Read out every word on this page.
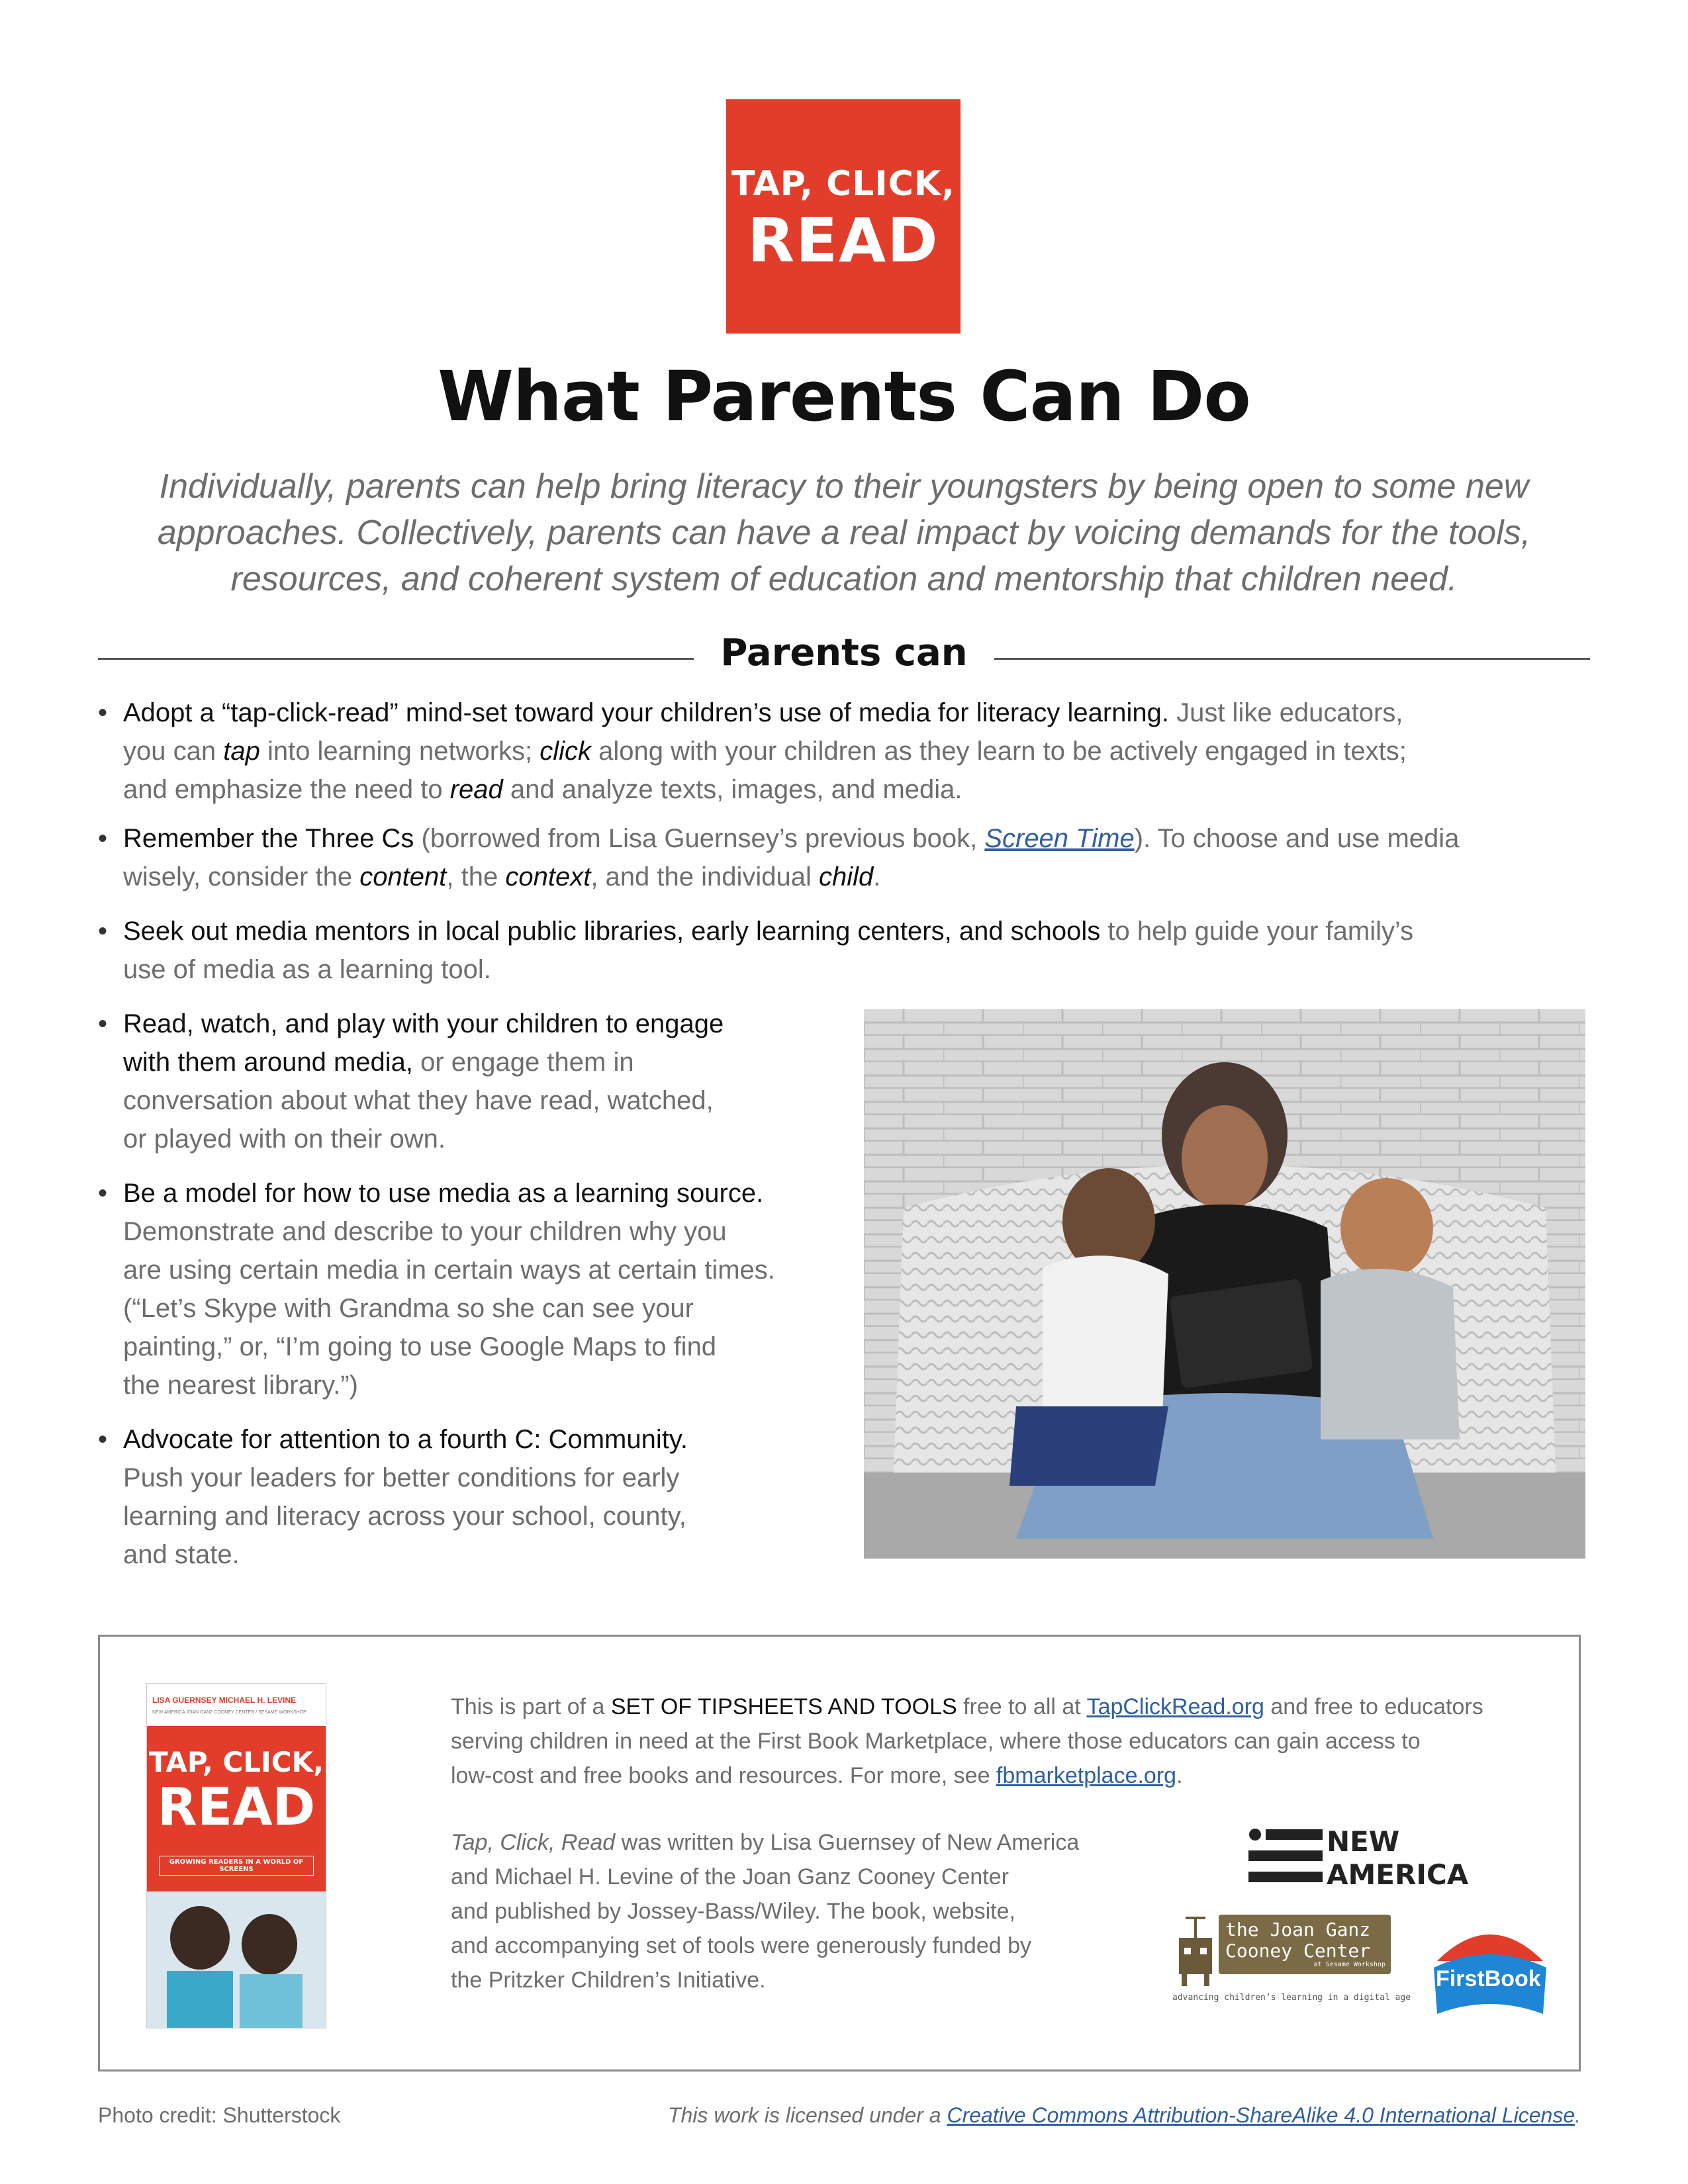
TAP, CLICK,
READ
What Parents Can Do
Individually, parents can help bring literacy to their youngsters by being open to some new approaches. Collectively, parents can have a real impact by voicing demands for the tools, resources, and coherent system of education and mentorship that children need.
Parents can
• Adopt a “tap-click-read” mind-set toward your children’s use of media for literacy learning. Just like educators,
you can tap into learning networks; click along with your children as they learn to be actively engaged in texts;
and emphasize the need to read and analyze texts, images, and media.
• Remember the Three Cs (borrowed from Lisa Guernsey’s previous book, Screen Time). To choose and use media
wisely, consider the content, the context, and the individual child.
• Seek out media mentors in local public libraries, early learning centers, and schools to help guide your family’s
use of media as a learning tool.
• Read, watch, and play with your children to engage
with them around media, or engage them in
conversation about what they have read, watched,
or played with on their own.
• Be a model for how to use media as a learning source.
Demonstrate and describe to your children why you
are using certain media in certain ways at certain times.
(“Let’s Skype with Grandma so she can see your
painting,” or, “I’m going to use Google Maps to find
the nearest library.”)
• Advocate for attention to a fourth C: Community.
Push your leaders for better conditions for early
learning and literacy across your school, county,
and state.
LISA GUERNSEY MICHAEL H. LEVINE
NEW AMERICA JOAN GANZ COONEY CENTER / SESAME WORKSHOP
TAP, CLICK,
READ
GROWING READERS IN A WORLD OF SCREENS
This is part of a SET OF TIPSHEETS AND TOOLS free to all at TapClickRead.org and free to educators
serving children in need at the First Book Marketplace, where those educators can gain access to
low-cost and free books and resources. For more, see fbmarketplace.org.
Tap, Click, Read was written by Lisa Guernsey of New America
and Michael H. Levine of the Joan Ganz Cooney Center
and published by Jossey-Bass/Wiley. The book, website,
and accompanying set of tools were generously funded by
the Pritzker Children’s Initiative.
NEW
AMERICA
the Joan Ganz
Cooney Center
at Sesame Workshop
advancing children’s learning in a digital age
FirstBook
Photo credit: Shutterstock	This work is licensed under a Creative Commons Attribution-ShareAlike 4.0 International License.
